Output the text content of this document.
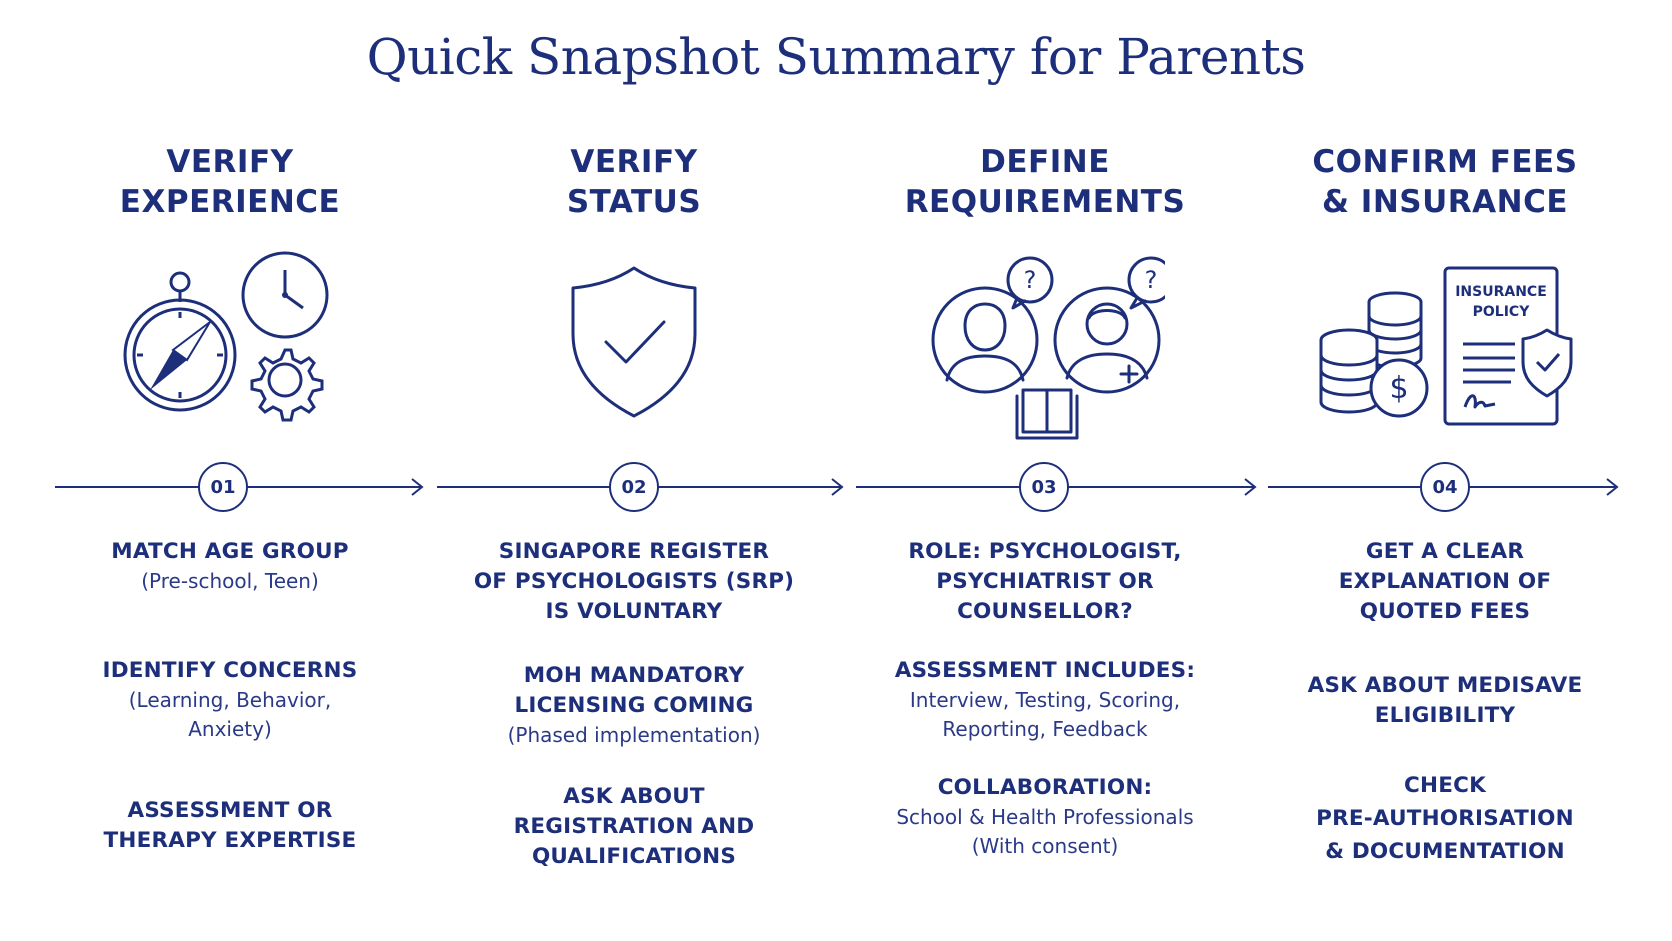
Quick Snapshot Summary for Parents
01	02	03	04
VERIFY
EXPERIENCE
MATCH AGE GROUP
(Pre-school, Teen)
IDENTIFY CONCERNS
(Learning, Behavior,
Anxiety)
ASSESSMENT OR
THERAPY EXPERTISE
VERIFY
STATUS
SINGAPORE REGISTER
OF PSYCHOLOGISTS (SRP)
IS VOLUNTARY
MOH MANDATORY
LICENSING COMING
(Phased implementation)
ASK ABOUT
REGISTRATION AND
QUALIFICATIONS
DEFINE
REQUIREMENTS
?	?
ROLE: PSYCHOLOGIST,
PSYCHIATRIST OR
COUNSELLOR?
ASSESSMENT INCLUDES:
Interview, Testing, Scoring,
Reporting, Feedback
COLLABORATION:
School & Health Professionals
(With consent)
CONFIRM FEES
& INSURANCE
$
INSURANCE
POLICY
GET A CLEAR
EXPLANATION OF
QUOTED FEES
ASK ABOUT MEDISAVE
ELIGIBILITY
CHECK
PRE-AUTHORISATION
& DOCUMENTATION
